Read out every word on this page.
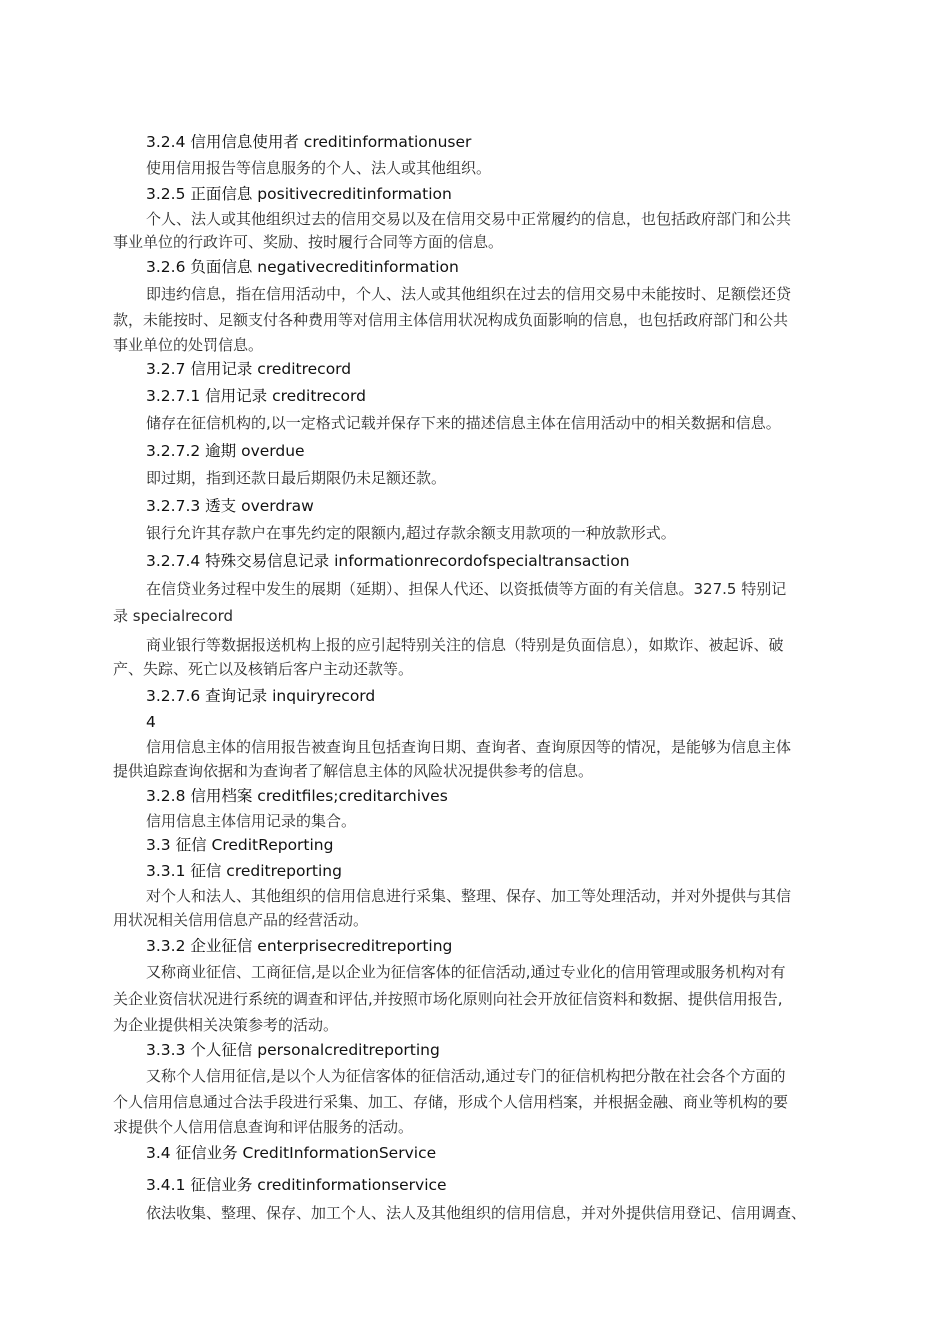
3.2.4 信用信息使用者 creditinformationuser
使用信用报告等信息服务的个人、法人或其他组织。
3.2.5 正面信息 positivecreditinformation
个人、法人或其他组织过去的信用交易以及在信用交易中正常履约的信息，也包括政府部门和公共
事业单位的行政许可、奖励、按时履行合同等方面的信息。
3.2.6 负面信息 negativecreditinformation
即违约信息，指在信用活动中，个人、法人或其他组织在过去的信用交易中未能按时、足额偿还贷
款，未能按时、足额支付各种费用等对信用主体信用状况构成负面影响的信息，也包括政府部门和公共
事业单位的处罚信息。
3.2.7 信用记录 creditrecord
3.2.7.1 信用记录 creditrecord
储存在征信机构的,以一定格式记载并保存下来的描述信息主体在信用活动中的相关数据和信息。
3.2.7.2 逾期 overdue
即过期，指到还款日最后期限仍未足额还款。
3.2.7.3 透支 overdraw
银行允许其存款户在事先约定的限额内,超过存款余额支用款项的一种放款形式。
3.2.7.4 特殊交易信息记录 informationrecordofspecialtransaction
在信贷业务过程中发生的展期（延期）、担保人代还、以资抵债等方面的有关信息。327.5 特别记
录 specialrecord
商业银行等数据报送机构上报的应引起特别关注的信息（特别是负面信息），如欺诈、被起诉、破
产、失踪、死亡以及核销后客户主动还款等。
3.2.7.6 查询记录 inquiryrecord
4
信用信息主体的信用报告被查询且包括查询日期、查询者、查询原因等的情况，是能够为信息主体
提供追踪查询依据和为查询者了解信息主体的风险状况提供参考的信息。
3.2.8 信用档案 creditfiles;creditarchives
信用信息主体信用记录的集合。
3.3 征信 CreditReporting
3.3.1 征信 creditreporting
对个人和法人、其他组织的信用信息进行采集、整理、保存、加工等处理活动，并对外提供与其信
用状况相关信用信息产品的经营活动。
3.3.2 企业征信 enterprisecreditreporting
又称商业征信、工商征信,是以企业为征信客体的征信活动,通过专业化的信用管理或服务机构对有
关企业资信状况进行系统的调查和评估,并按照市场化原则向社会开放征信资料和数据、提供信用报告,
为企业提供相关决策参考的活动。
3.3.3 个人征信 personalcreditreporting
又称个人信用征信,是以个人为征信客体的征信活动,通过专门的征信机构把分散在社会各个方面的
个人信用信息通过合法手段进行采集、加工、存储，形成个人信用档案，并根据金融、商业等机构的要
求提供个人信用信息查询和评估服务的活动。
3.4 征信业务 CreditInformationService
3.4.1 征信业务 creditinformationservice
依法收集、整理、保存、加工个人、法人及其他组织的信用信息，并对外提供信用登记、信用调查、
